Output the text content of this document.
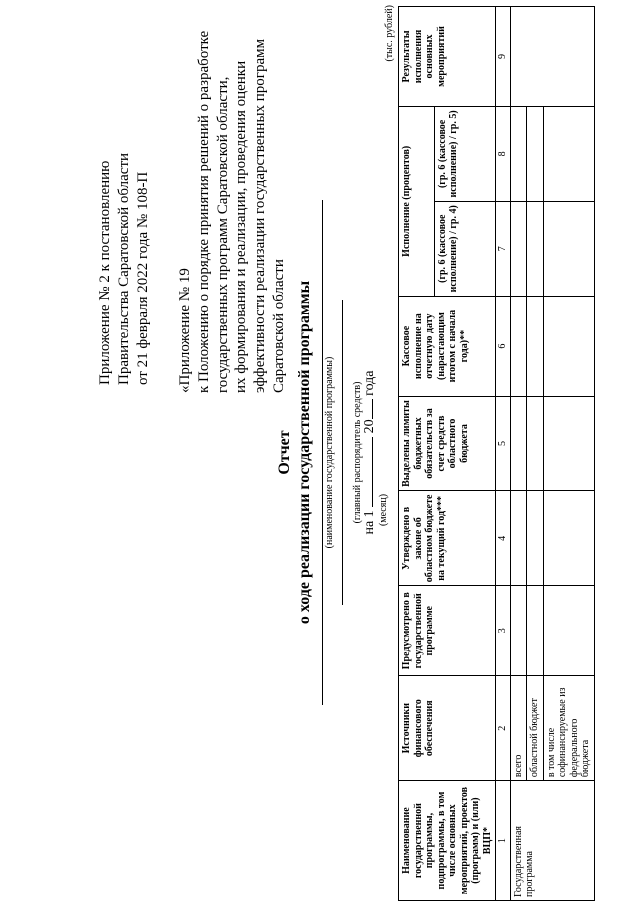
Приложение № 2 к постановлению Правительства Саратовской области от 21 февраля 2022 года № 108-П «Приложение № 19 к Положению о порядке принятия решений о разработке государственных программ Саратовской области, их формирования и реализации, проведения оценки эффективности реализации государственных программ Саратовской области
Отчет о ходе реализации государственной программы (наименование государственной программы) (главный распорядитель средств) на 1  20 года
(месяц)
(тыс. рублей)
Наименование государственной программы, подпрограммы, в том числе основных мероприятий, проектов (программ) и (или) ВЦП*	Источники финансового обеспечения	Предусмотрено в государственной программе	Утверждено в законе об областном бюджете на текущий год***	Выделены лимиты бюджетных обязательств за счет средств областного бюджета	Кассовое исполнение на отчетную дату (нарастающим итогом с начала года)**	Исполнение (процентов)		Результаты исполнения основных мероприятий
						(гр. 6 (кассовое исполнение) / гр. 4)	(гр. 6 (кассовое исполнение) / гр. 5)	
1	2	3	4	5	6	7	8	9
Государственная программа	всего							
	областной бюджет							
	в том числе софинансируемые из федерального бюджета							
